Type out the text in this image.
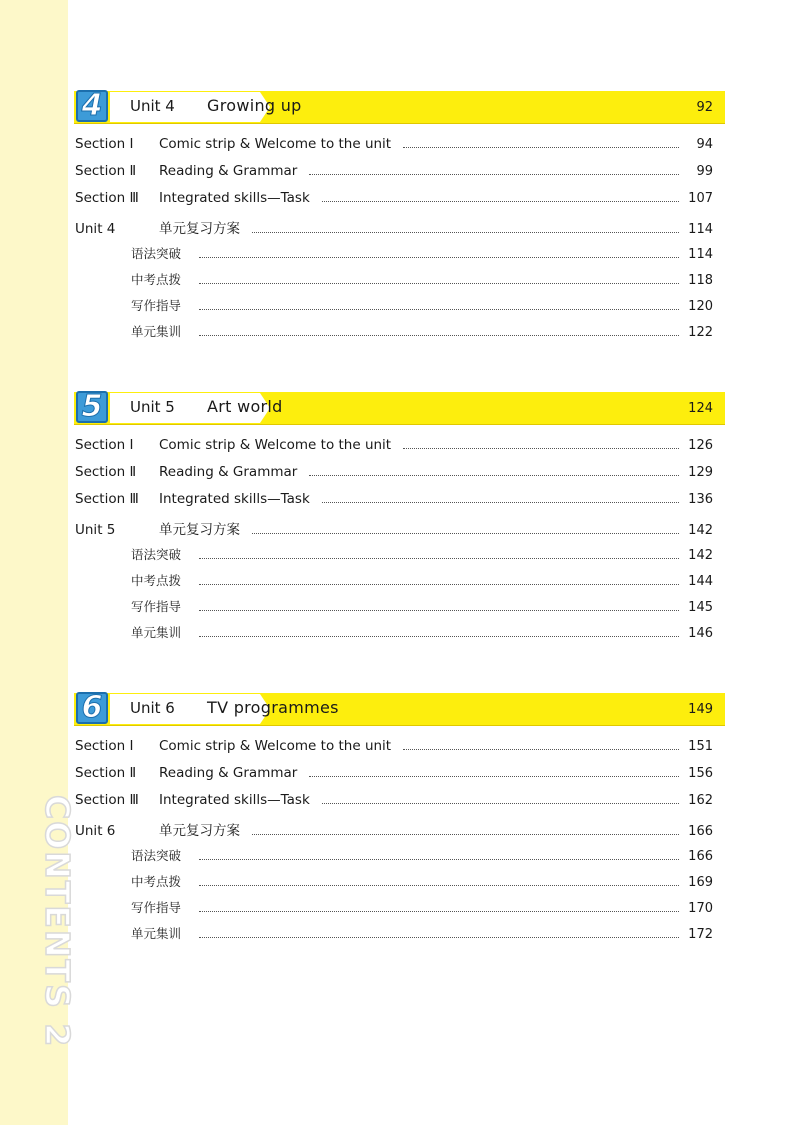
CONTENTS 2
4 Unit 4 Growing up	92
Section Ⅰ	Comic strip & Welcome to the unit	94
Section Ⅱ	Reading & Grammar	99
Section Ⅲ	Integrated skills—Task	107
Unit 4	单元复习方案	114
语法突破	114
中考点拨	118
写作指导	120
单元集训	122
5 Unit 5 Art world	124
Section Ⅰ	Comic strip & Welcome to the unit	126
Section Ⅱ	Reading & Grammar	129
Section Ⅲ	Integrated skills—Task	136
Unit 5	单元复习方案	142
语法突破	142
中考点拨	144
写作指导	145
单元集训	146
6 Unit 6 TV programmes	149
Section Ⅰ	Comic strip & Welcome to the unit	151
Section Ⅱ	Reading & Grammar	156
Section Ⅲ	Integrated skills—Task	162
Unit 6	单元复习方案	166
语法突破	166
中考点拨	169
写作指导	170
单元集训	172
